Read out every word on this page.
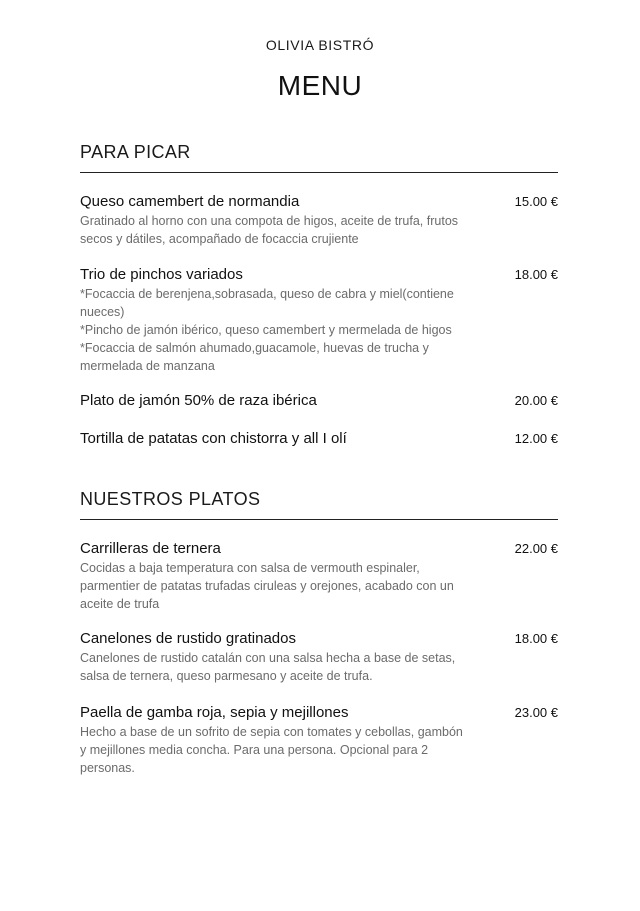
OLIVIA BISTRÓ
MENU
PARA PICAR
Queso camembert de normandia	15.00 €
Gratinado al horno con una compota de higos, aceite de trufa, frutos
secos y dátiles, acompañado de focaccia crujiente
Trio de pinchos variados	18.00 €
*Focaccia de berenjena,sobrasada, queso de cabra y miel(contiene
nueces)
*Pincho de jamón ibérico, queso camembert y mermelada de higos
*Focaccia de salmón ahumado,guacamole, huevas de trucha y
mermelada de manzana
Plato de jamón 50% de raza ibérica	20.00 €
Tortilla de patatas con chistorra y all I olí	12.00 €
NUESTROS PLATOS
Carrilleras de ternera	22.00 €
Cocidas a baja temperatura con salsa de vermouth espinaler,
parmentier de patatas trufadas ciruleas y orejones, acabado con un
aceite de trufa
Canelones de rustido gratinados	18.00 €
Canelones de rustido catalán con una salsa hecha a base de setas,
salsa de ternera, queso parmesano y aceite de trufa.
Paella de gamba roja, sepia y mejillones	23.00 €
Hecho a base de un sofrito de sepia con tomates y cebollas, gambón
y mejillones media concha. Para una persona. Opcional para 2
personas.
